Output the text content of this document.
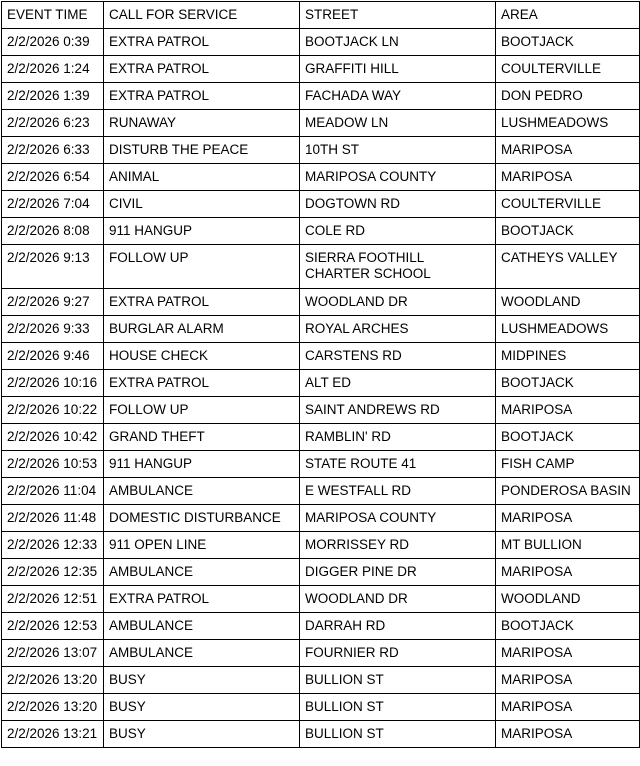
EVENT TIME	CALL FOR SERVICE	STREET	AREA
2/2/2026 0:39	EXTRA PATROL	BOOTJACK LN	BOOTJACK
2/2/2026 1:24	EXTRA PATROL	GRAFFITI HILL	COULTERVILLE
2/2/2026 1:39	EXTRA PATROL	FACHADA WAY	DON PEDRO
2/2/2026 6:23	RUNAWAY	MEADOW LN	LUSHMEADOWS
2/2/2026 6:33	DISTURB THE PEACE	10TH ST	MARIPOSA
2/2/2026 6:54	ANIMAL	MARIPOSA COUNTY	MARIPOSA
2/2/2026 7:04	CIVIL	DOGTOWN RD	COULTERVILLE
2/2/2026 8:08	911 HANGUP	COLE RD	BOOTJACK
2/2/2026 9:13	FOLLOW UP	SIERRA FOOTHILL CHARTER SCHOOL	CATHEYS VALLEY
2/2/2026 9:27	EXTRA PATROL	WOODLAND DR	WOODLAND
2/2/2026 9:33	BURGLAR ALARM	ROYAL ARCHES	LUSHMEADOWS
2/2/2026 9:46	HOUSE CHECK	CARSTENS RD	MIDPINES
2/2/2026 10:16	EXTRA PATROL	ALT ED	BOOTJACK
2/2/2026 10:22	FOLLOW UP	SAINT ANDREWS RD	MARIPOSA
2/2/2026 10:42	GRAND THEFT	RAMBLIN' RD	BOOTJACK
2/2/2026 10:53	911 HANGUP	STATE ROUTE 41	FISH CAMP
2/2/2026 11:04	AMBULANCE	E WESTFALL RD	PONDEROSA BASIN
2/2/2026 11:48	DOMESTIC DISTURBANCE	MARIPOSA COUNTY	MARIPOSA
2/2/2026 12:33	911 OPEN LINE	MORRISSEY RD	MT BULLION
2/2/2026 12:35	AMBULANCE	DIGGER PINE DR	MARIPOSA
2/2/2026 12:51	EXTRA PATROL	WOODLAND DR	WOODLAND
2/2/2026 12:53	AMBULANCE	DARRAH RD	BOOTJACK
2/2/2026 13:07	AMBULANCE	FOURNIER RD	MARIPOSA
2/2/2026 13:20	BUSY	BULLION ST	MARIPOSA
2/2/2026 13:20	BUSY	BULLION ST	MARIPOSA
2/2/2026 13:21	BUSY	BULLION ST	MARIPOSA
